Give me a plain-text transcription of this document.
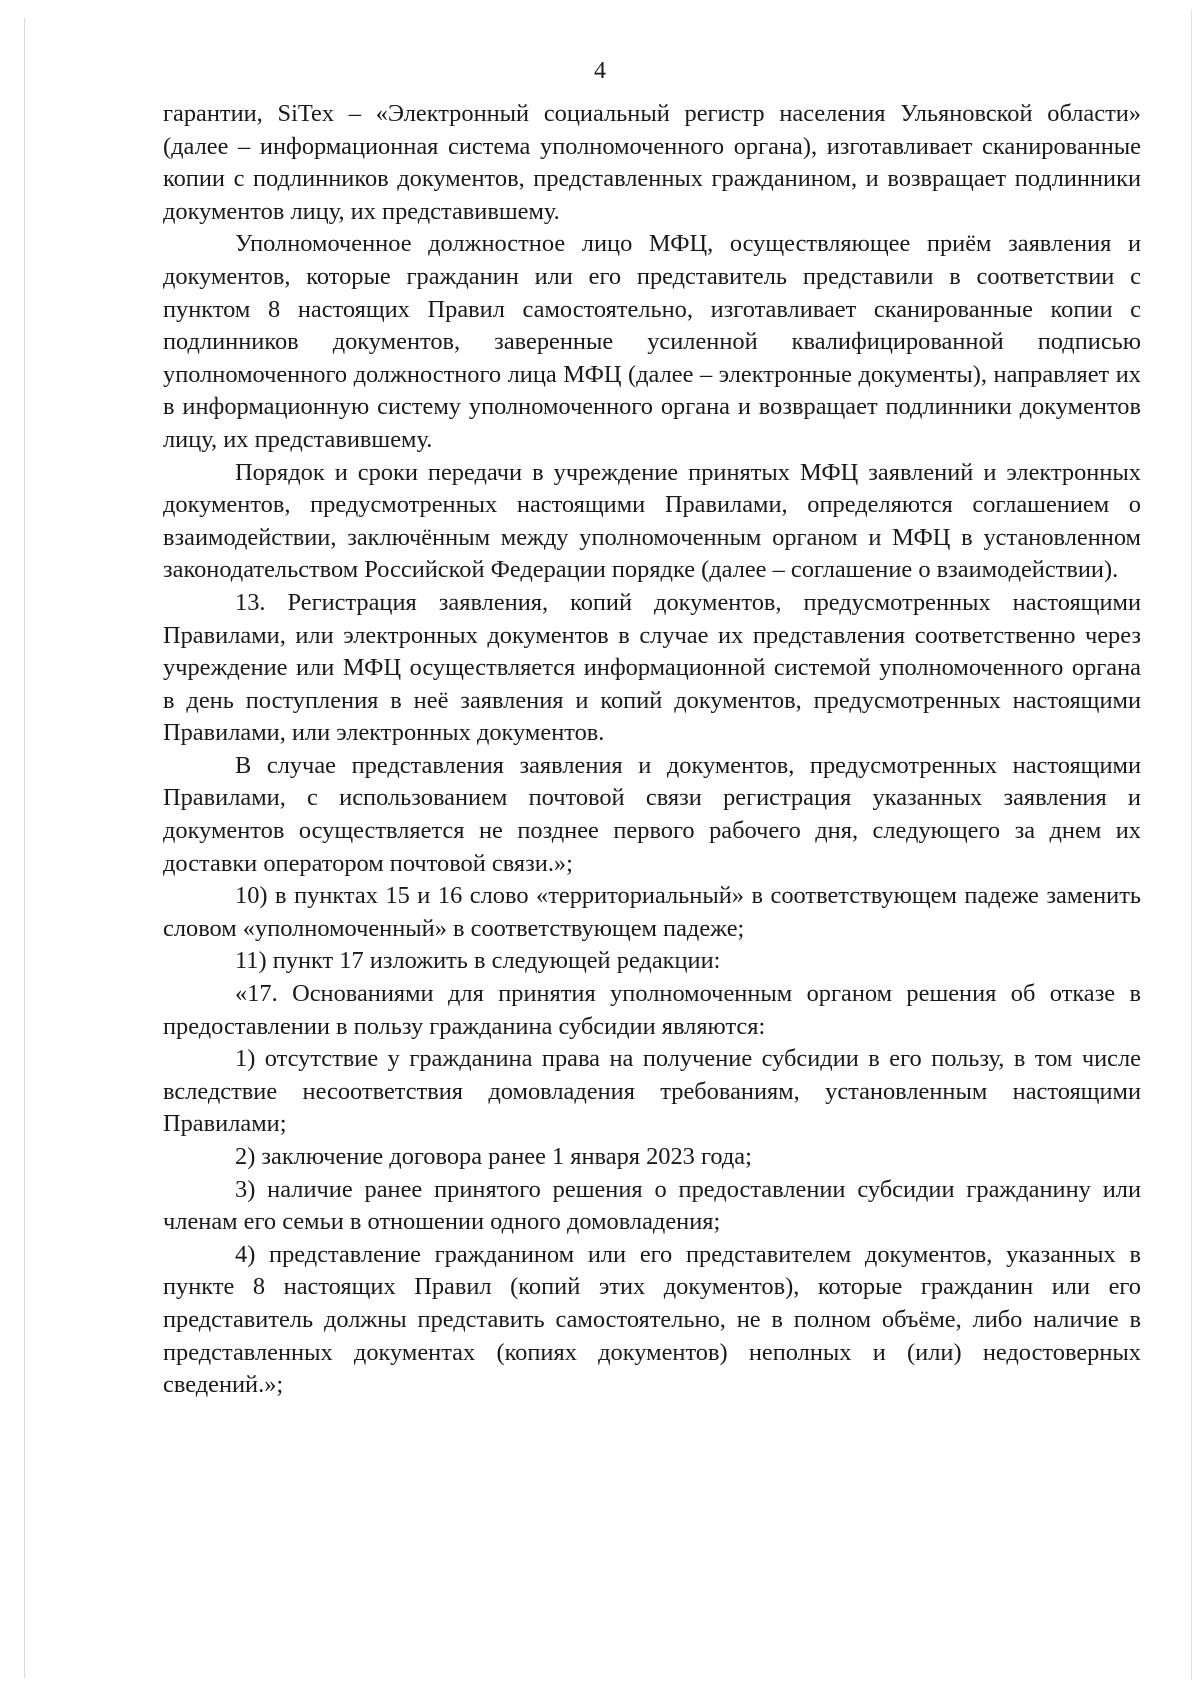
4

гарантии, SiTex – «Электронный социальный регистр населения Ульяновской области» (далее – информационная система уполномоченного органа), изготавливает сканированные копии с подлинников документов, представленных гражданином, и возвращает подлинники документов лицу, их представившему.

Уполномоченное должностное лицо МФЦ, осуществляющее приём заявления и документов, которые гражданин или его представитель представили в соответствии с пунктом 8 настоящих Правил самостоятельно, изготавливает сканированные копии с подлинников документов, заверенные усиленной квалифицированной подписью уполномоченного должностного лица МФЦ (далее – электронные документы), направляет их в информационную систему уполномоченного органа и возвращает подлинники документов лицу, их представившему.

Порядок и сроки передачи в учреждение принятых МФЦ заявлений и электронных документов, предусмотренных настоящими Правилами, определяются соглашением о взаимодействии, заключённым между уполномоченным органом и МФЦ в установленном законодательством Российской Федерации порядке (далее – соглашение о взаимодействии).

13. Регистрация заявления, копий документов, предусмотренных настоящими Правилами, или электронных документов в случае их представления соответственно через учреждение или МФЦ осуществляется информационной системой уполномоченного органа в день поступления в неё заявления и копий документов, предусмотренных настоящими Правилами, или электронных документов.

В случае представления заявления и документов, предусмотренных настоящими Правилами, с использованием почтовой связи регистрация указанных заявления и документов осуществляется не позднее первого рабочего дня, следующего за днем их доставки оператором почтовой связи.»;

10) в пунктах 15 и 16 слово «территориальный» в соответствующем падеже заменить словом «уполномоченный» в соответствующем падеже;

11) пункт 17 изложить в следующей редакции:

«17. Основаниями для принятия уполномоченным органом решения об отказе в предоставлении в пользу гражданина субсидии являются:

1) отсутствие у гражданина права на получение субсидии в его пользу, в том числе вследствие несоответствия домовладения требованиям, установленным настоящими Правилами;

2) заключение договора ранее 1 января 2023 года;

3) наличие ранее принятого решения о предоставлении субсидии гражданину или членам его семьи в отношении одного домовладения;

4) представление гражданином или его представителем документов, указанных в пункте 8 настоящих Правил (копий этих документов), которые гражданин или его представитель должны представить самостоятельно, не в полном объёме, либо наличие в представленных документах (копиях документов) неполных и (или) недостоверных сведений.»;
